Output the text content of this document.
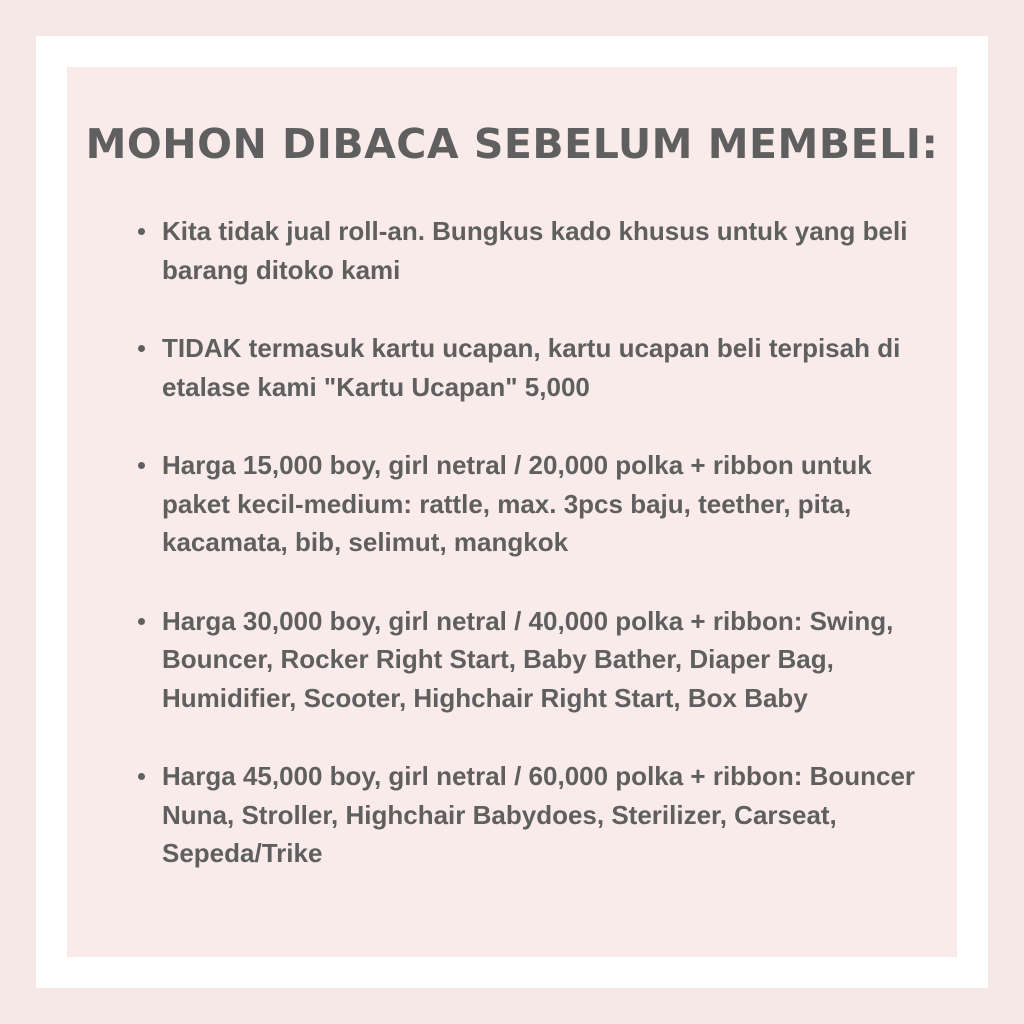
MOHON DIBACA SEBELUM MEMBELI:
Kita tidak jual roll-an. Bungkus kado khusus untuk yang beli barang ditoko kami
TIDAK termasuk kartu ucapan, kartu ucapan beli terpisah di etalase kami "Kartu Ucapan" 5,000
Harga 15,000 boy, girl netral / 20,000 polka + ribbon untuk paket kecil-medium: rattle, max. 3pcs baju, teether, pita, kacamata, bib, selimut, mangkok
Harga 30,000 boy, girl netral / 40,000 polka + ribbon: Swing, Bouncer, Rocker Right Start, Baby Bather, Diaper Bag, Humidifier, Scooter, Highchair Right Start, Box Baby
Harga 45,000 boy, girl netral / 60,000 polka + ribbon: Bouncer Nuna, Stroller, Highchair Babydoes, Sterilizer, Carseat, Sepeda/Trike
